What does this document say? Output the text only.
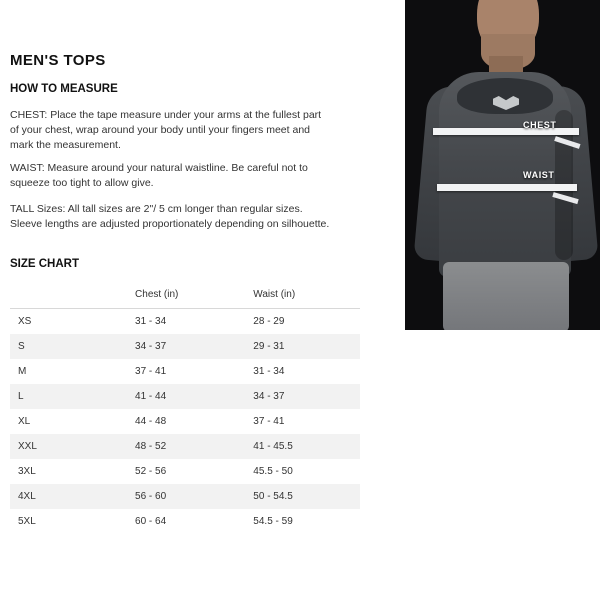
CHEST
WAIST
MEN'S TOPS
HOW TO MEASURE
CHEST: Place the tape measure under your arms at the fullest part of your chest, wrap around your body until your fingers meet and mark the measurement.
WAIST: Measure around your natural waistline. Be careful not to squeeze too tight to allow give.
TALL Sizes: All tall sizes are 2"/ 5 cm longer than regular sizes. Sleeve lengths are adjusted proportionately depending on silhouette.
SIZE CHART
	Chest (in)	Waist (in)
XS	31 - 34	28 - 29
S	34 - 37	29 - 31
M	37 - 41	31 - 34
L	41 - 44	34 - 37
XL	44 - 48	37 - 41
XXL	48 - 52	41 - 45.5
3XL	52 - 56	45.5 - 50
4XL	56 - 60	50 - 54.5
5XL	60 - 64	54.5 - 59
